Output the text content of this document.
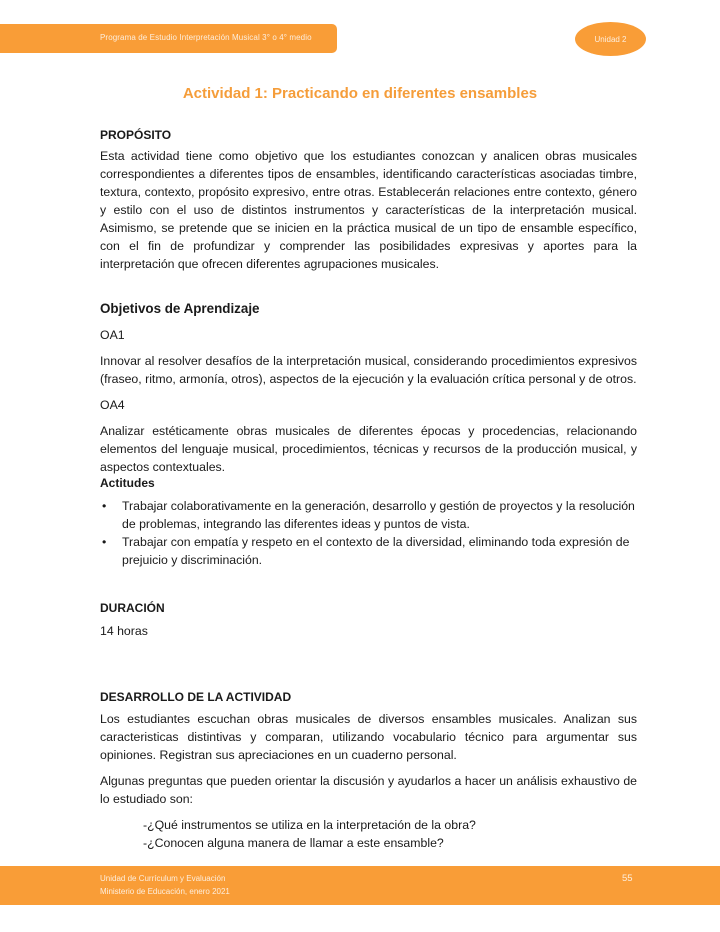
Programa de Estudio Interpretación Musical 3° o 4° medio	Unidad 2
Actividad 1: Practicando en diferentes ensambles

PROPÓSITO

Esta actividad tiene como objetivo que los estudiantes conozcan y analicen obras musicales correspondientes a diferentes tipos de ensambles, identificando características asociadas timbre, textura, contexto, propósito expresivo, entre otras. Establecerán relaciones entre contexto, género y estilo con el uso de distintos instrumentos y características de la interpretación musical. Asimismo, se pretende que se inicien en la práctica musical de un tipo de ensamble específico, con el fin de profundizar y comprender las posibilidades expresivas y aportes para la interpretación que ofrecen diferentes agrupaciones musicales.

Objetivos de Aprendizaje

OA1

Innovar al resolver desafíos de la interpretación musical, considerando procedimientos expresivos (fraseo, ritmo, armonía, otros), aspectos de la ejecución y la evaluación crítica personal y de otros.

OA4

Analizar estéticamente obras musicales de diferentes épocas y procedencias, relacionando elementos del lenguaje musical, procedimientos, técnicas y recursos de la producción musical, y aspectos contextuales.

Actitudes

• Trabajar colaborativamente en la generación, desarrollo y gestión de proyectos y la resolución de problemas, integrando las diferentes ideas y puntos de vista.
• Trabajar con empatía y respeto en el contexto de la diversidad, eliminando toda expresión de prejuicio y discriminación.

DURACIÓN

14 horas

DESARROLLO DE LA ACTIVIDAD

Los estudiantes escuchan obras musicales de diversos ensambles musicales. Analizan sus caracteristicas distintivas y comparan, utilizando vocabulario técnico para argumentar sus opiniones. Registran sus apreciaciones en un cuaderno personal.

Algunas preguntas que pueden orientar la discusión y ayudarlos a hacer un análisis exhaustivo de lo estudiado son:

-¿Qué instrumentos se utiliza en la interpretación de la obra?

-¿Conocen alguna manera de llamar a este ensamble?

Unidad de Currículum y Evaluación
Ministerio de Educación, enero 2021
55
